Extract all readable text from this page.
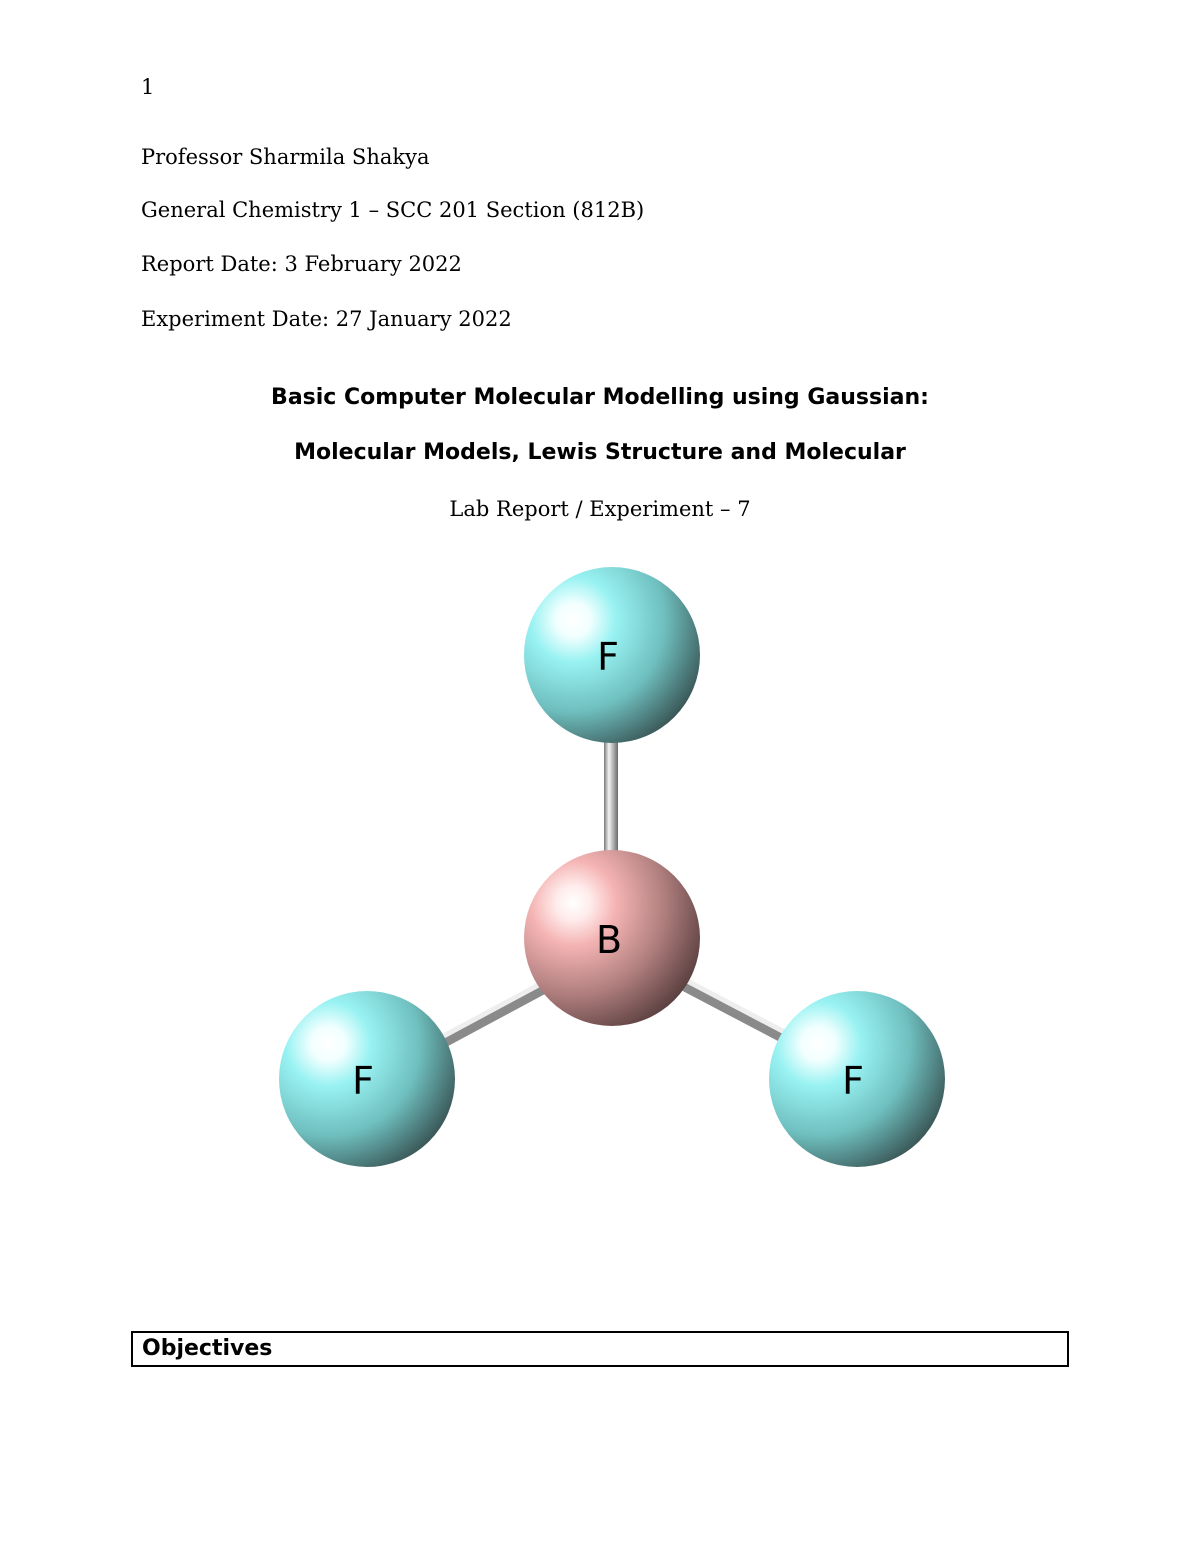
1
Professor Sharmila Shakya
General Chemistry 1 – SCC 201 Section (812B)
Report Date: 3 February 2022
Experiment Date: 27 January 2022
Basic Computer Molecular Modelling using Gaussian:
Molecular Models, Lewis Structure and Molecular
Lab Report / Experiment – 7
F
B
F	F
Objectives
